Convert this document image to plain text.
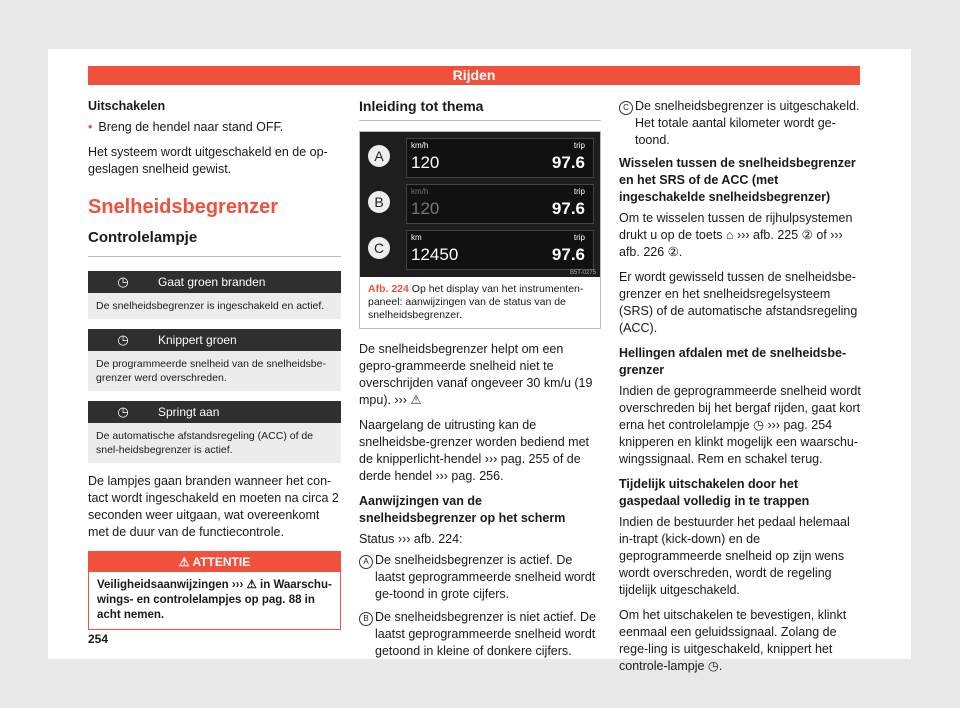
Rijden
Uitschakelen
• Breng de hendel naar stand OFF.
Het systeem wordt uitgeschakeld en de op-geslagen snelheid gewist.
Snelheidsbegrenzer
Controlelampje
◷	Gaat groen branden
De snelheidsbegrenzer is ingeschakeld en actief.
◷	Knippert groen
De programmeerde snelheid van de snelheidsbe-grenzer werd overschreden.
◷	Springt aan
De automatische afstandsregeling (ACC) of de snel-heidsbegrenzer is actief.
De lampjes gaan branden wanneer het con-tact wordt ingeschakeld en moeten na circa 2 seconden weer uitgaan, wat overeenkomt met de duur van de functiecontrole.
⚠ ATTENTIE
Veiligheidsaanwijzingen ››› ⚠ in Waarschu-wings- en controlelampjes op pag. 88 in acht nemen.
Inleiding tot thema
A
km/h
120
trip
97.6
B
km/h
120
trip
97.6
C
km
12450
trip
97.6
B5T-0275
Afb. 224 Op het display van het instrumenten-paneel: aanwijzingen van de status van de snelheidsbegrenzer.
De snelheidsbegrenzer helpt om een gepro-grammeerde snelheid niet te overschrijden vanaf ongeveer 30 km/u (19 mpu). ››› ⚠
Naargelang de uitrusting kan de snelheidsbe-grenzer worden bediend met de knipperlicht-hendel ››› pag. 255 of de derde hendel ››› pag. 256.
Aanwijzingen van de snelheidsbegrenzer op het scherm
Status ››› afb. 224:
A De snelheidsbegrenzer is actief. De laatst geprogrammeerde snelheid wordt ge-toond in grote cijfers.
B De snelheidsbegrenzer is niet actief. De laatst geprogrammeerde snelheid wordt getoond in kleine of donkere cijfers.
C De snelheidsbegrenzer is uitgeschakeld. Het totale aantal kilometer wordt ge-toond.
Wisselen tussen de snelheidsbegrenzer en het SRS of de ACC (met ingeschakelde snelheidsbegrenzer)
Om te wisselen tussen de rijhulpsystemen drukt u op de toets ⌂ ››› afb. 225 ② of ››› afb. 226 ②.
Er wordt gewisseld tussen de snelheidsbe-grenzer en het snelheidsregelsysteem (SRS) of de automatische afstandsregeling (ACC).
Hellingen afdalen met de snelheidsbe-grenzer
Indien de geprogrammeerde snelheid wordt overschreden bij het bergaf rijden, gaat kort erna het controlelampje ◷ ››› pag. 254 knipperen en klinkt mogelijk een waarschu-wingssignaal. Rem en schakel terug.
Tijdelijk uitschakelen door het gaspedaal volledig in te trappen
Indien de bestuurder het pedaal helemaal in-trapt (kick-down) en de geprogrammeerde snelheid op zijn wens wordt overschreden, wordt de regeling tijdelijk uitgeschakeld.
Om het uitschakelen te bevestigen, klinkt eenmaal een geluidssignaal. Zolang de rege-ling is uitgeschakeld, knippert het controle-lampje ◷.
254
